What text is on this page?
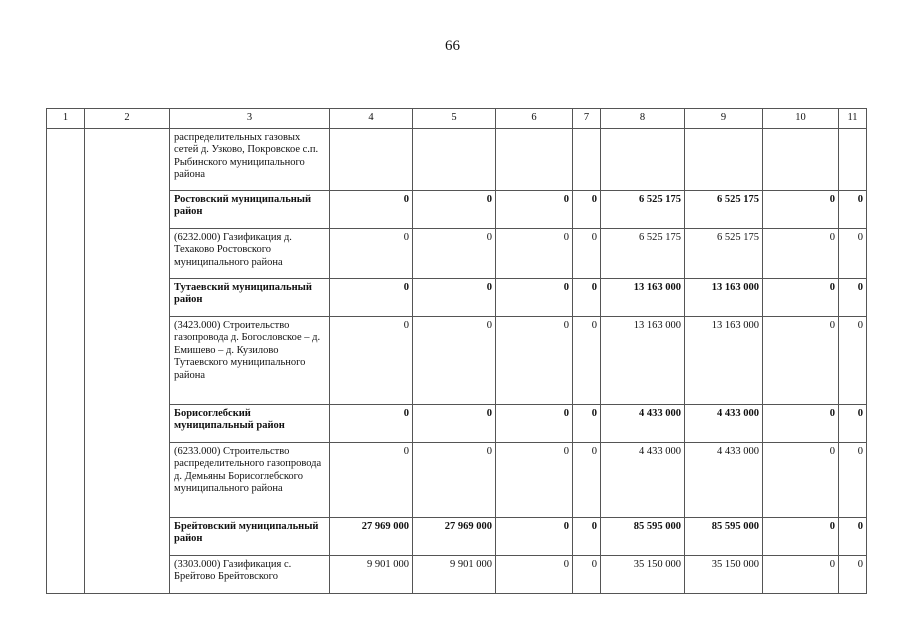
66
1	2	3	4	5	6	7	8	9	10	11
		распределительных газовых сетей д. Узково, Покровское с.п. Рыбинского муниципального района								
		Ростовский муниципальный район	0	0	0	0	6 525 175	6 525 175	0	0
		(6232.000) Газификация д. Техаково Ростовского муниципального района	0	0	0	0	6 525 175	6 525 175	0	0
		Тутаевский муниципальный район	0	0	0	0	13 163 000	13 163 000	0	0
		(3423.000) Строительство газопровода д. Богословское – д. Емишево – д. Кузилово Тутаевского муниципального района	0	0	0	0	13 163 000	13 163 000	0	0
		Борисоглебский муниципальный район	0	0	0	0	4 433 000	4 433 000	0	0
		(6233.000) Строительство распределительного газопровода д. Демьяны Борисоглебского муниципального района	0	0	0	0	4 433 000	4 433 000	0	0
		Брейтовский муниципальный район	27 969 000	27 969 000	0	0	85 595 000	85 595 000	0	0
		(3303.000) Газификация с. Брейтово Брейтовского	9 901 000	9 901 000	0	0	35 150 000	35 150 000	0	0
